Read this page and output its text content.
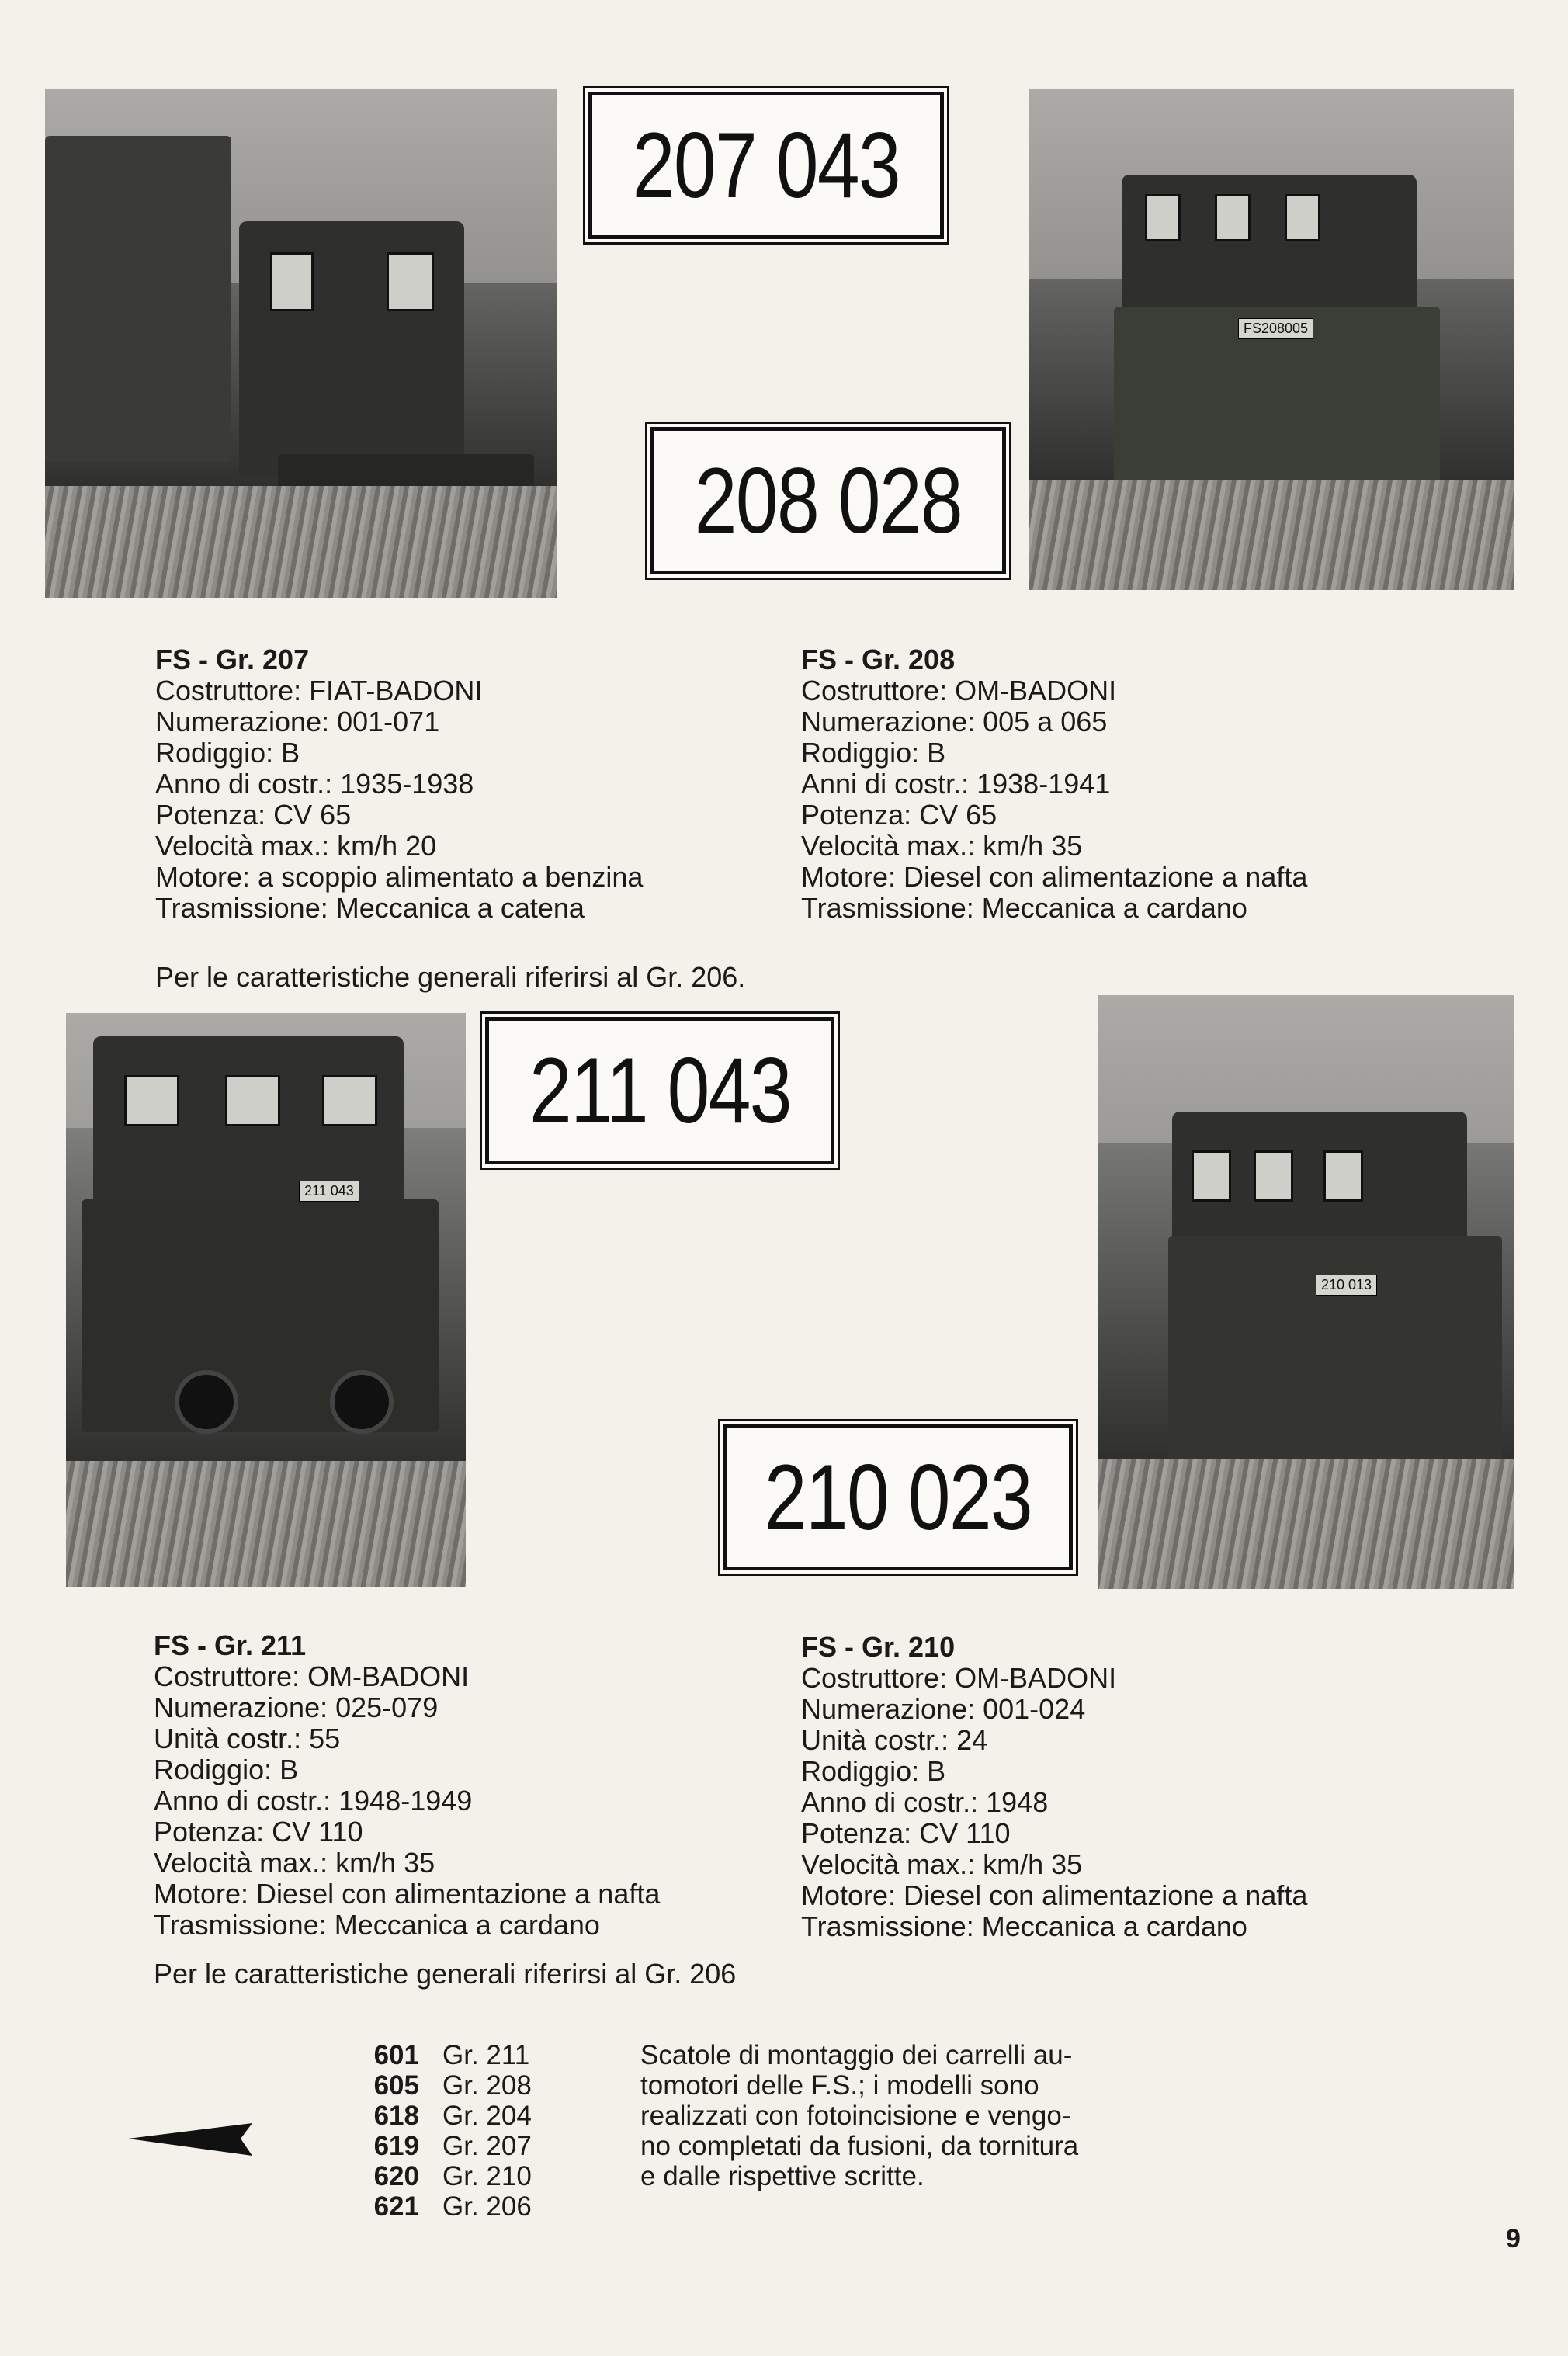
207 043
FS208005
208 028
FS - Gr. 207
Costruttore: FIAT-BADONI
Numerazione: 001-071
Rodiggio: B
Anno di costr.: 1935-1938
Potenza: CV 65
Velocità max.: km/h 20
Motore: a scoppio alimentato a benzina
Trasmissione: Meccanica a catena
FS - Gr. 208
Costruttore: OM-BADONI
Numerazione: 005 a 065
Rodiggio: B
Anni di costr.: 1938-1941
Potenza: CV 65
Velocità max.: km/h 35
Motore: Diesel con alimentazione a nafta
Trasmissione: Meccanica a cardano
Per le caratteristiche generali riferirsi al Gr. 206.
211 043
211 043
210 013
210 023
FS - Gr. 211
Costruttore: OM-BADONI
Numerazione: 025-079
Unità costr.: 55
Rodiggio: B
Anno di costr.: 1948-1949
Potenza: CV 110
Velocità max.: km/h 35
Motore: Diesel con alimentazione a nafta
Trasmissione: Meccanica a cardano
FS - Gr. 210
Costruttore: OM-BADONI
Numerazione: 001-024
Unità costr.: 24
Rodiggio: B
Anno di costr.: 1948
Potenza: CV 110
Velocità max.: km/h 35
Motore: Diesel con alimentazione a nafta
Trasmissione: Meccanica a cardano
Per le caratteristiche generali riferirsi al Gr. 206
601 Gr. 211
605 Gr. 208
618 Gr. 204
619 Gr. 207
620 Gr. 210
621 Gr. 206
Scatole di montaggio dei carrelli au-
tomotori delle F.S.; i modelli sono
realizzati con fotoincisione e vengo-
no completati da fusioni, da tornitura
e dalle rispettive scritte.
9
